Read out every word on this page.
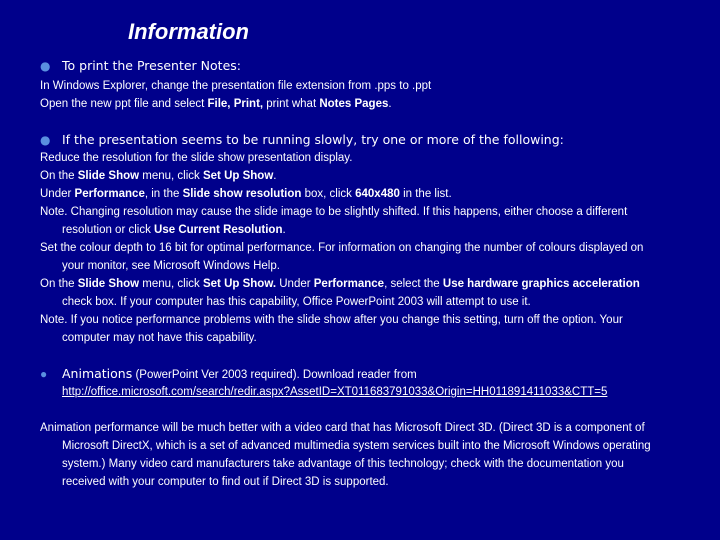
Information
● To print the Presenter Notes:
In Windows Explorer, change the presentation file extension from .pps to .ppt
Open the new ppt file and select File, Print, print what Notes Pages.
● If the presentation seems to be running slowly, try one or more of the following:
Reduce the resolution for the slide show presentation display.
On the Slide Show menu, click Set Up Show.
Under Performance, in the Slide show resolution box, click 640x480 in the list.
Note. Changing resolution may cause the slide image to be slightly shifted. If this happens, either choose a different
resolution or click Use Current Resolution.
Set the colour depth to 16 bit for optimal performance. For information on changing the number of colours displayed on
your monitor, see Microsoft Windows Help.
On the Slide Show menu, click Set Up Show. Under Performance, select the Use hardware graphics acceleration
check box. If your computer has this capability, Office PowerPoint 2003 will attempt to use it.
Note. If you notice performance problems with the slide show after you change this setting, turn off the option. Your
computer may not have this capability.
● Animations (PowerPoint Ver 2003 required). Download reader from
http://office.microsoft.com/search/redir.aspx?AssetID=XT011683791033&Origin=HH011891411033&CTT=5
Animation performance will be much better with a video card that has Microsoft Direct 3D. (Direct 3D is a component of
Microsoft DirectX, which is a set of advanced multimedia system services built into the Microsoft Windows operating
system.) Many video card manufacturers take advantage of this technology; check with the documentation you
received with your computer to find out if Direct 3D is supported.
